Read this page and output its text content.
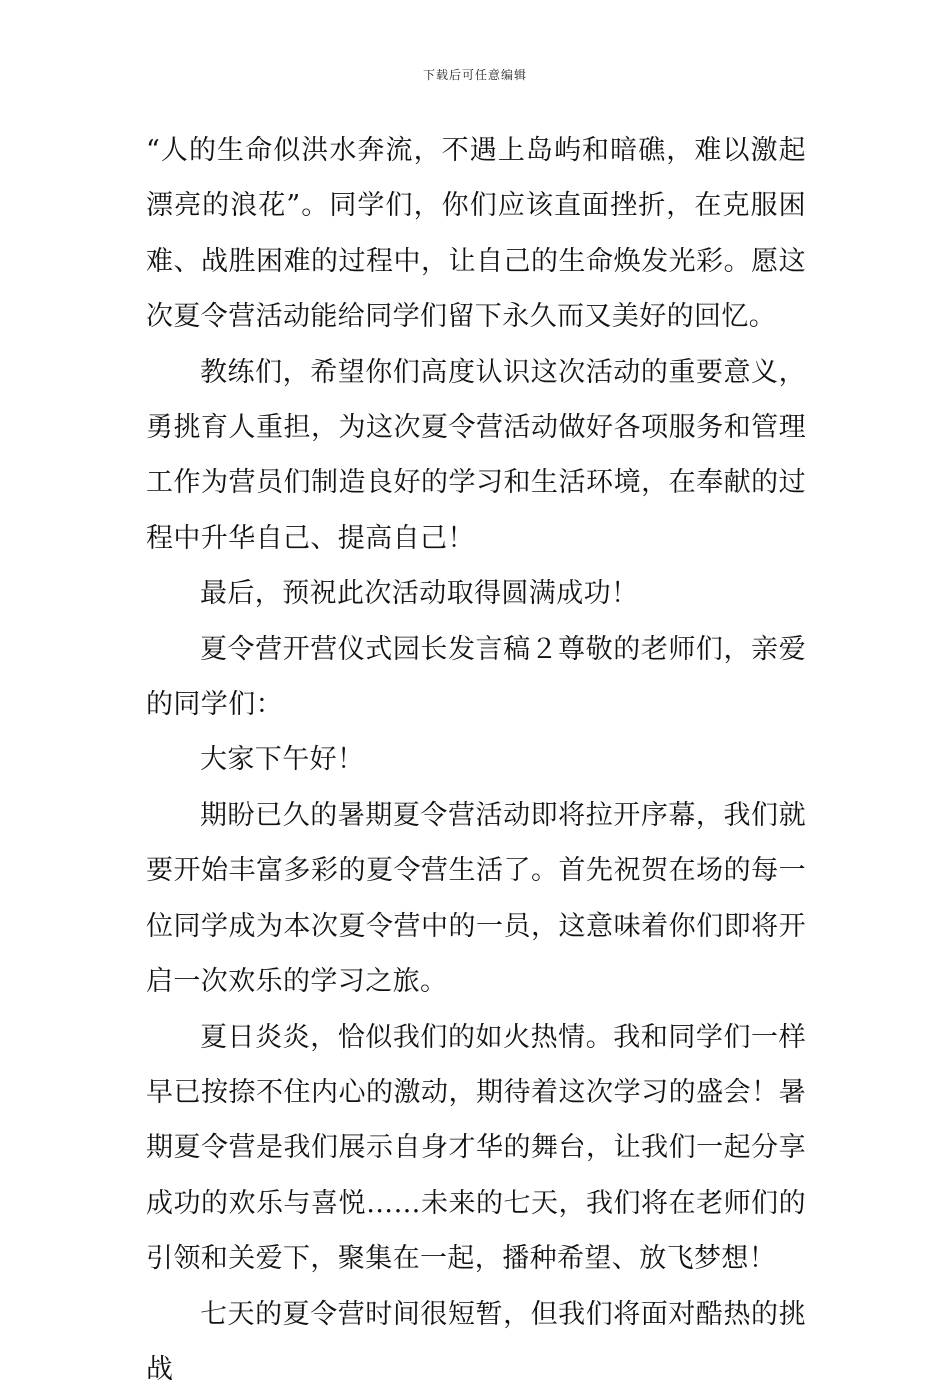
下载后可任意编辑

“人的生命似洪水奔流，不遇上岛屿和暗礁，难以激起漂亮的浪花”。同学们，你们应该直面挫折，在克服困难、战胜困难的过程中，让自己的生命焕发光彩。愿这次夏令营活动能给同学们留下永久而又美好的回忆。

教练们，希望你们高度认识这次活动的重要意义，勇挑育人重担，为这次夏令营活动做好各项服务和管理工作为营员们制造良好的学习和生活环境，在奉献的过程中升华自己、提高自己！

最后，预祝此次活动取得圆满成功！

夏令营开营仪式园长发言稿２尊敬的老师们，亲爱的同学们：

大家下午好！

期盼已久的暑期夏令营活动即将拉开序幕，我们就要开始丰富多彩的夏令营生活了。首先祝贺在场的每一位同学成为本次夏令营中的一员，这意味着你们即将开启一次欢乐的学习之旅。

夏日炎炎，恰似我们的如火热情。我和同学们一样早已按捺不住内心的激动，期待着这次学习的盛会！暑期夏令营是我们展示自身才华的舞台，让我们一起分享成功的欢乐与喜悦……未来的七天，我们将在老师们的引领和关爱下，聚集在一起，播种希望、放飞梦想！

七天的夏令营时间很短暂，但我们将面对酷热的挑战
